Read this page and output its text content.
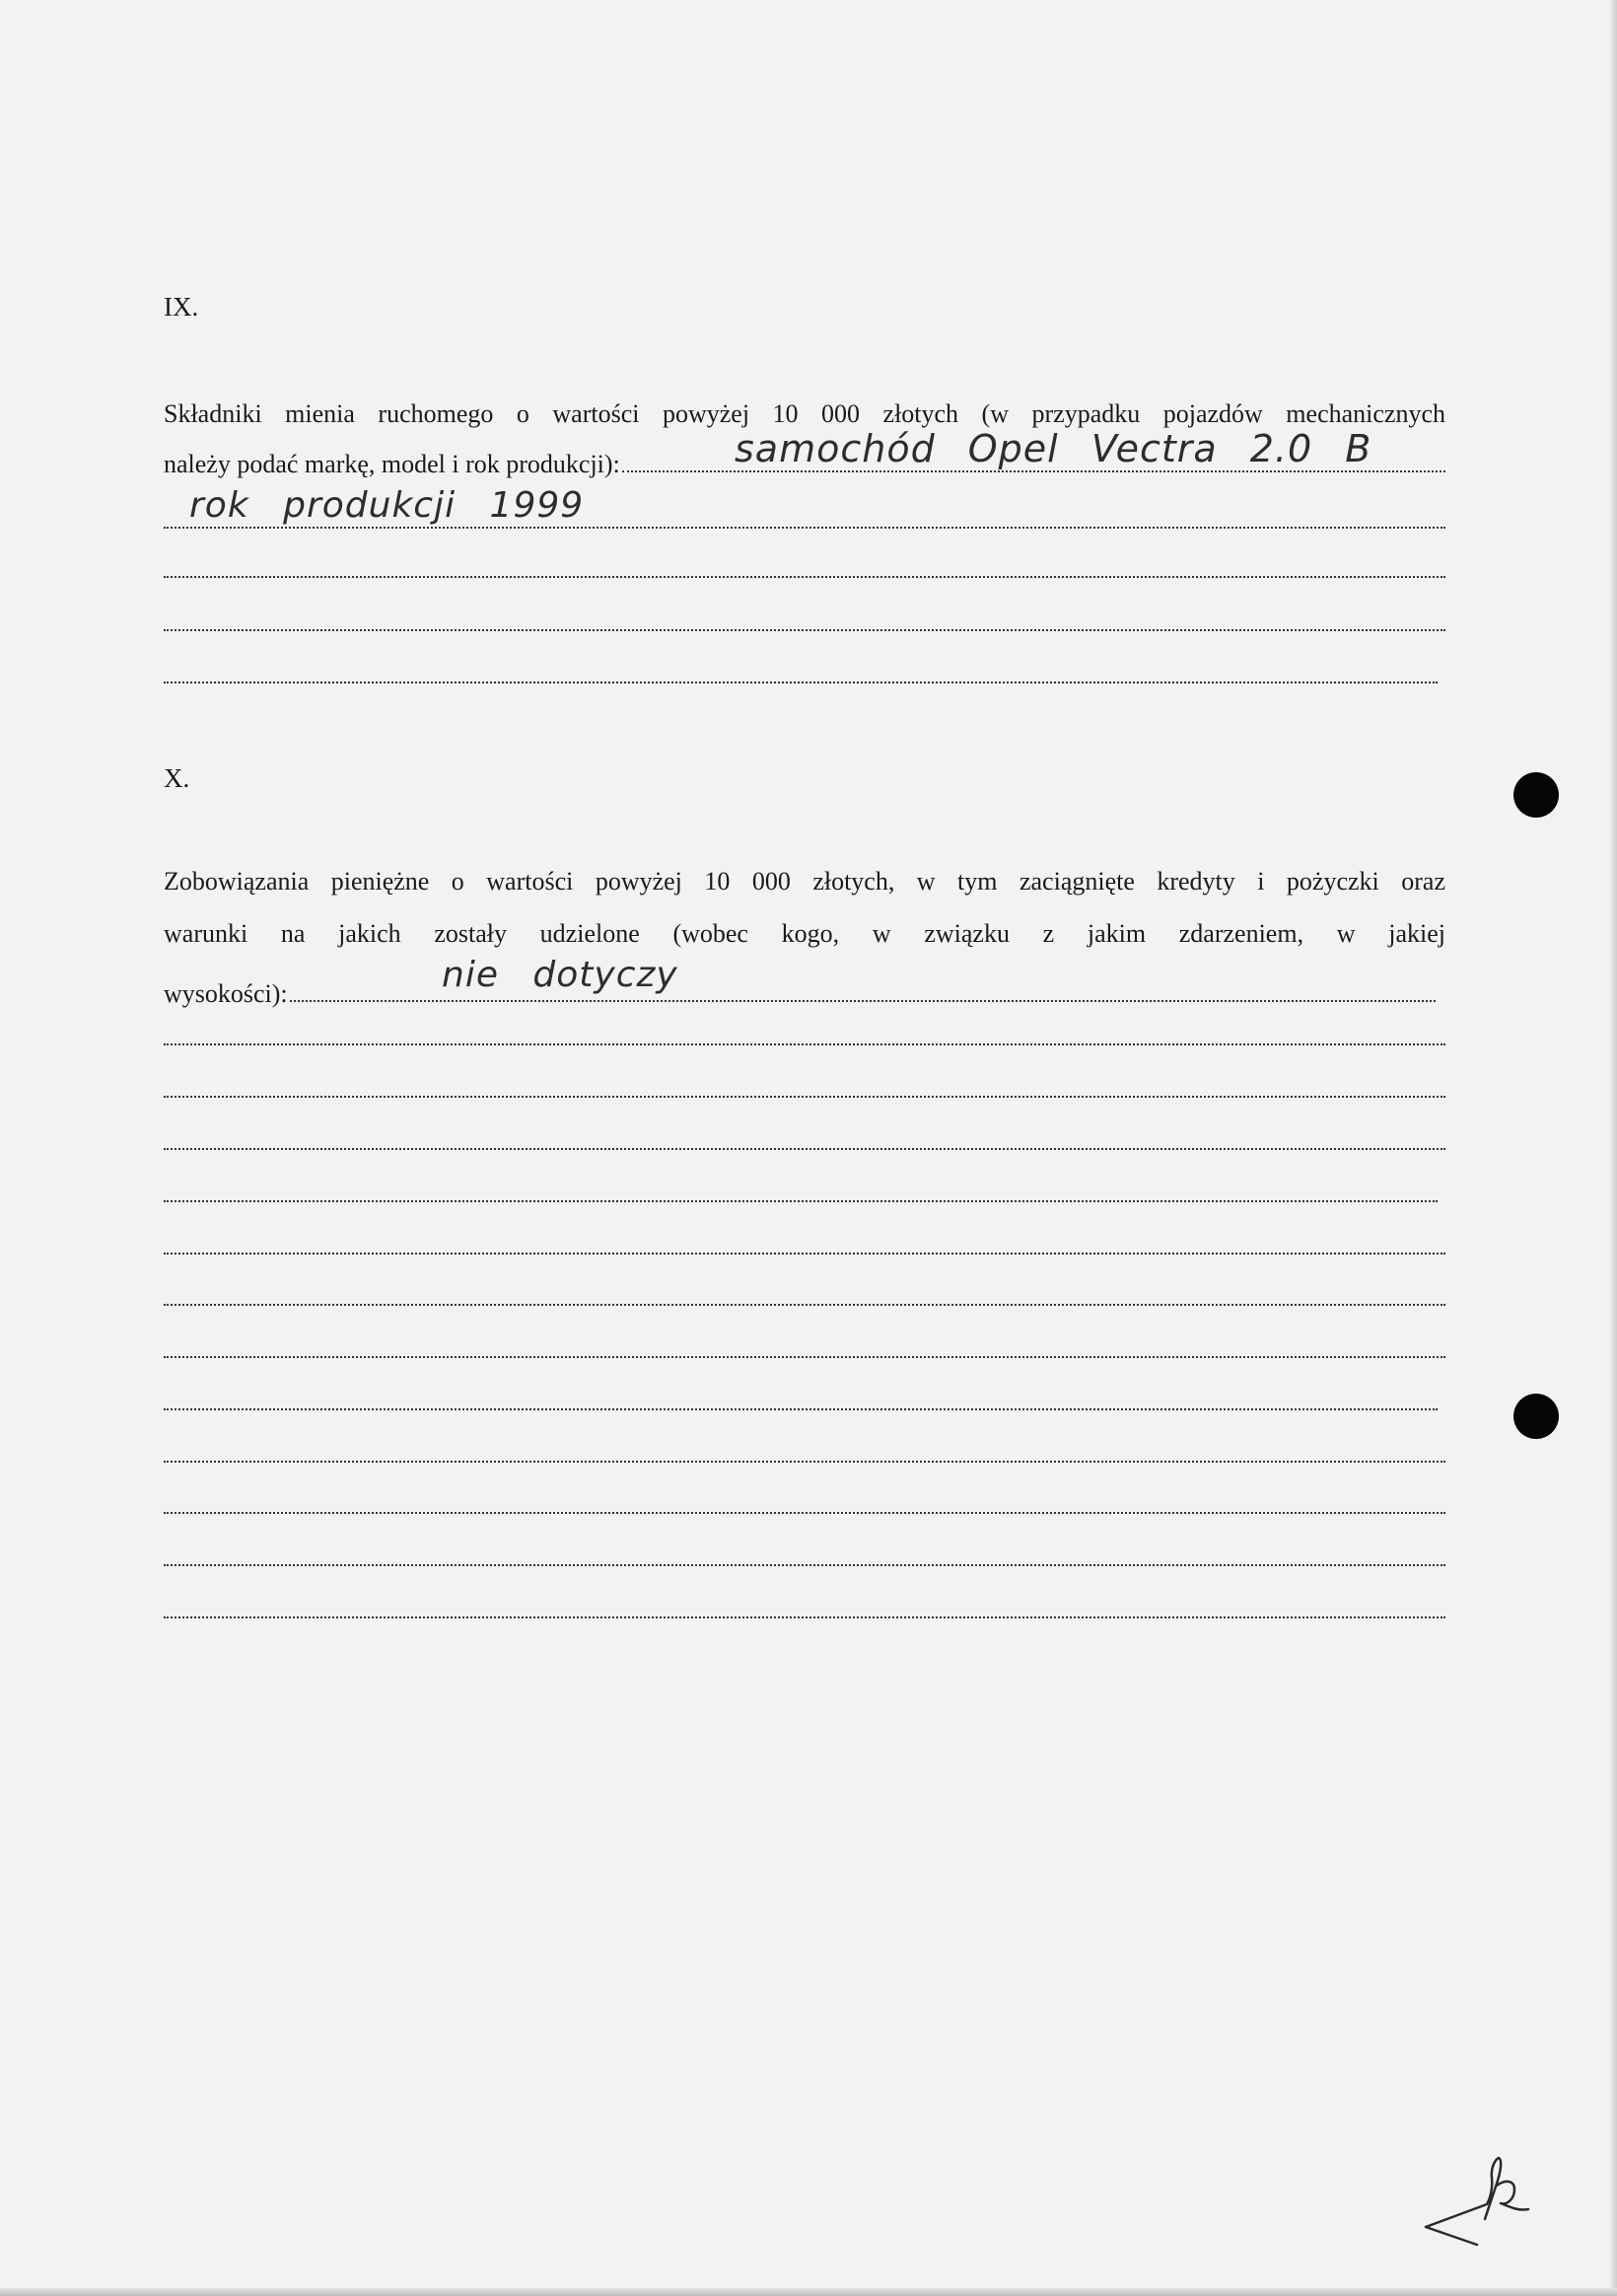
IX.

Składniki mienia ruchomego o wartości powyżej 10 000 złotych (w przypadku pojazdów mechanicznych

należy podać markę, model i rok produkcji):	samochód Opel Vectra 2.0 B
rok produkcji 1999
X.

Zobowiązania pieniężne o wartości powyżej 10 000 złotych, w tym zaciągnięte kredyty i pożyczki oraz

warunki na jakich zostały udzielone (wobec kogo, w związku z jakim zdarzeniem, w jakiej

wysokości):	nie dotyczy
